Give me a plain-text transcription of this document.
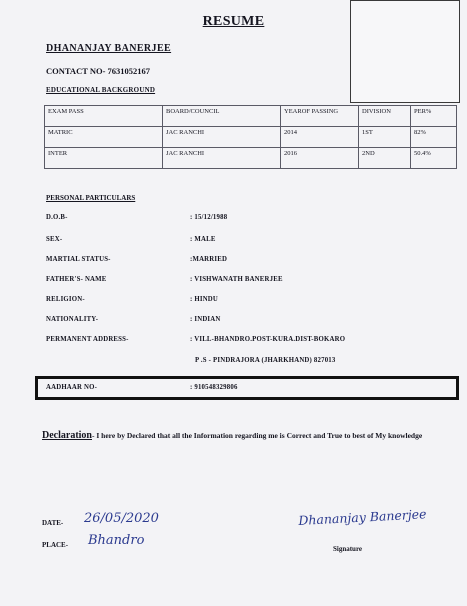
RESUME
DHANANJAY BANERJEE
CONTACT NO- 7631052167
EDUCATIONAL BACKGROUND
EXAM PASS	BOARD/COUNCIL	YEAROF PASSING	DIVISION	PER%
MATRIC	JAC RANCHI	2014	1ST	82%
INTER	JAC RANCHI	2016	2ND	50.4%
PERSONAL PARTICULARS
D.O.B-	: 15/12/1988
SEX-	: MALE
MARTIAL STATUS-	:MARRIED
FATHER'S- NAME	: VISHWANATH BANERJEE
RELIGION-	: HINDU
NATIONALITY-	: INDIAN
PERMANENT ADDRESS-	: VILL-BHANDRO.POST-KURA.DIST-BOKARO
P .S - PINDRAJORA (JHARKHAND) 827013
AADHAAR NO-	: 910548329806
Declaration- I here by Declared that all the Information regarding me is Correct and True to best of My knowledge
DATE- 26/05/2020
PLACE- Bhandro
Dhananjay Banerjee
Signature
